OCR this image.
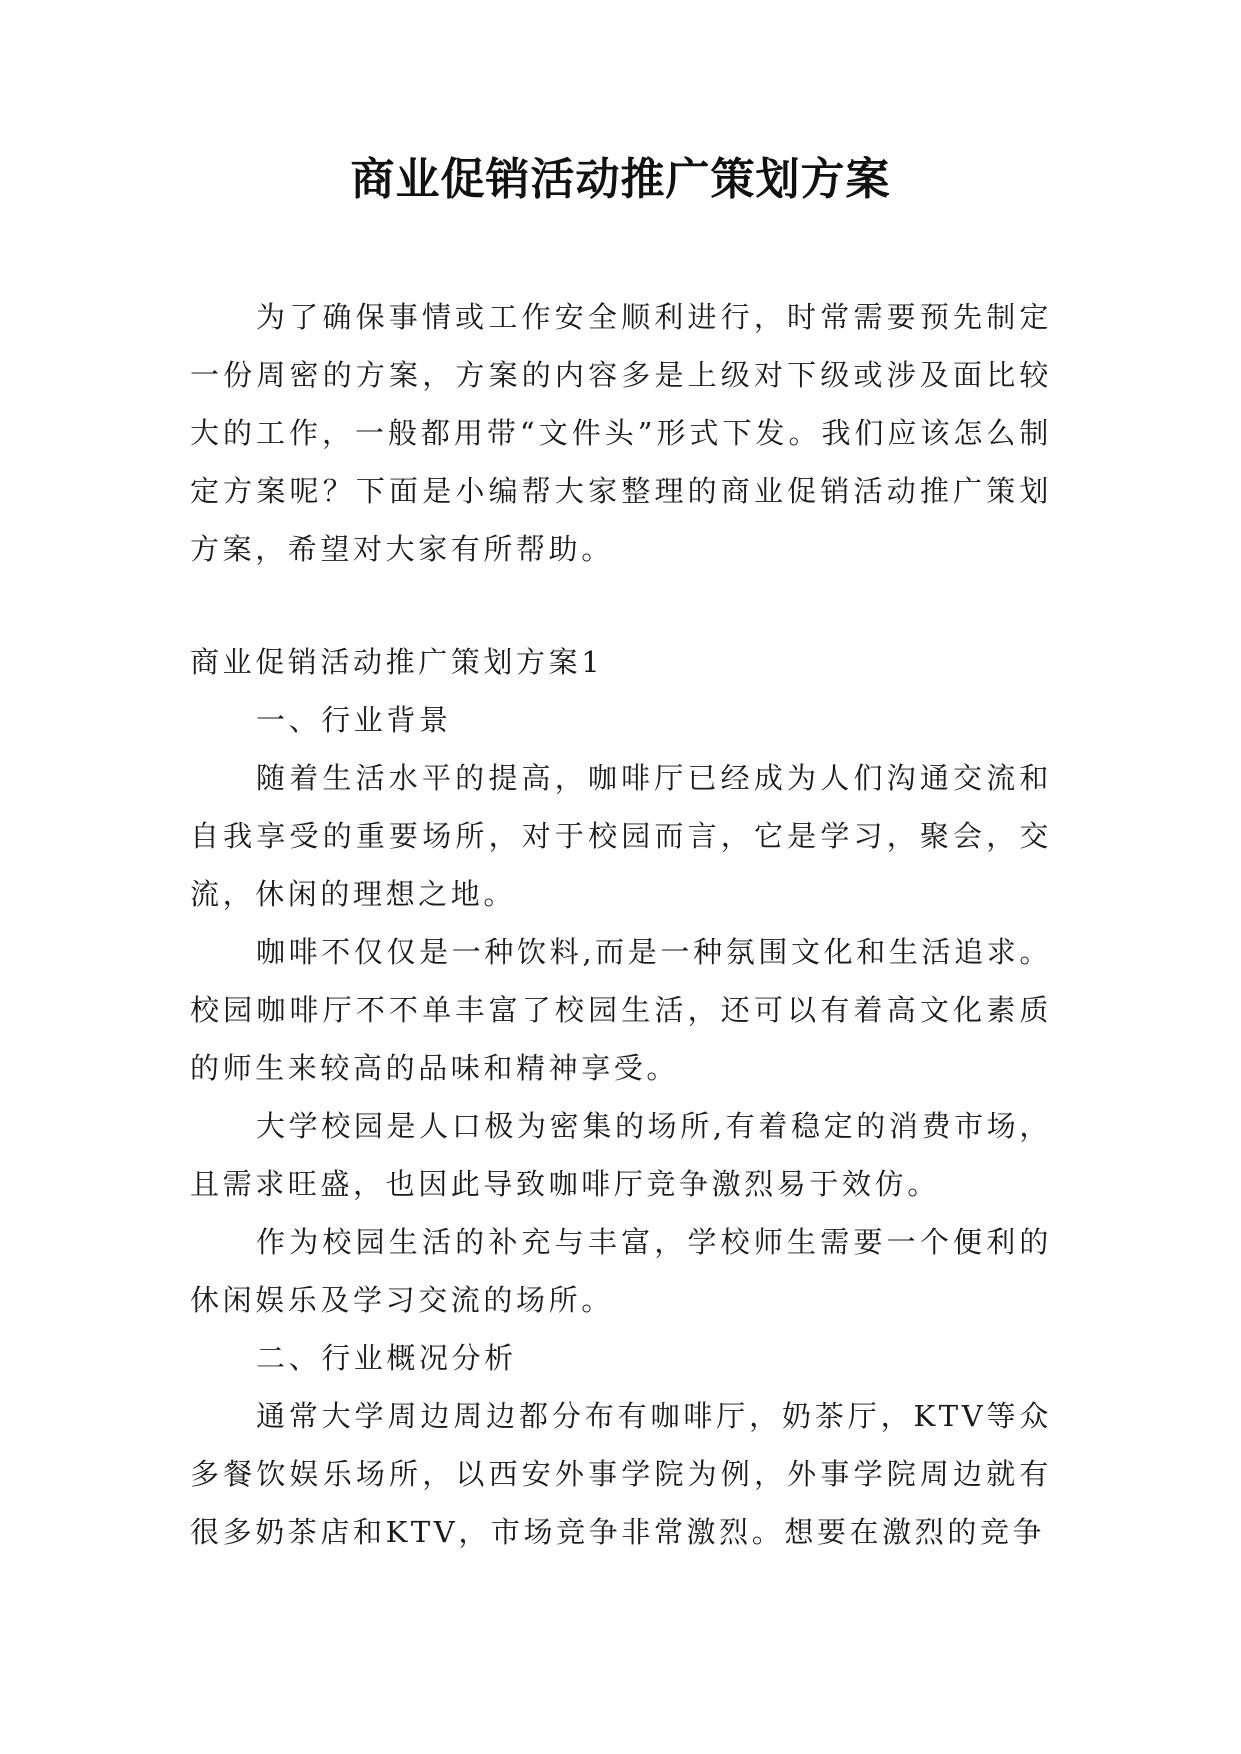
商业促销活动推广策划方案

为了确保事情或工作安全顺利进行，时常需要预先制定一份周密的方案，方案的内容多是上级对下级或涉及面比较大的工作，一般都用带“文件头”形式下发。我们应该怎么制定方案呢？下面是小编帮大家整理的商业促销活动推广策划方案，希望对大家有所帮助。

商业促销活动推广策划方案1

一、行业背景

随着生活水平的提高，咖啡厅已经成为人们沟通交流和自我享受的重要场所，对于校园而言，它是学习，聚会，交流，休闲的理想之地。

咖啡不仅仅是一种饮料,而是一种氛围文化和生活追求。校园咖啡厅不不单丰富了校园生活，还可以有着高文化素质的师生来较高的品味和精神享受。

大学校园是人口极为密集的场所,有着稳定的消费市场，且需求旺盛，也因此导致咖啡厅竞争激烈易于效仿。

作为校园生活的补充与丰富，学校师生需要一个便利的休闲娱乐及学习交流的场所。

二、行业概况分析

通常大学周边周边都分布有咖啡厅，奶茶厅，KTV等众多餐饮娱乐场所，以西安外事学院为例，外事学院周边就有很多奶茶店和KTV，市场竞争非常激烈。想要在激烈的竞争
